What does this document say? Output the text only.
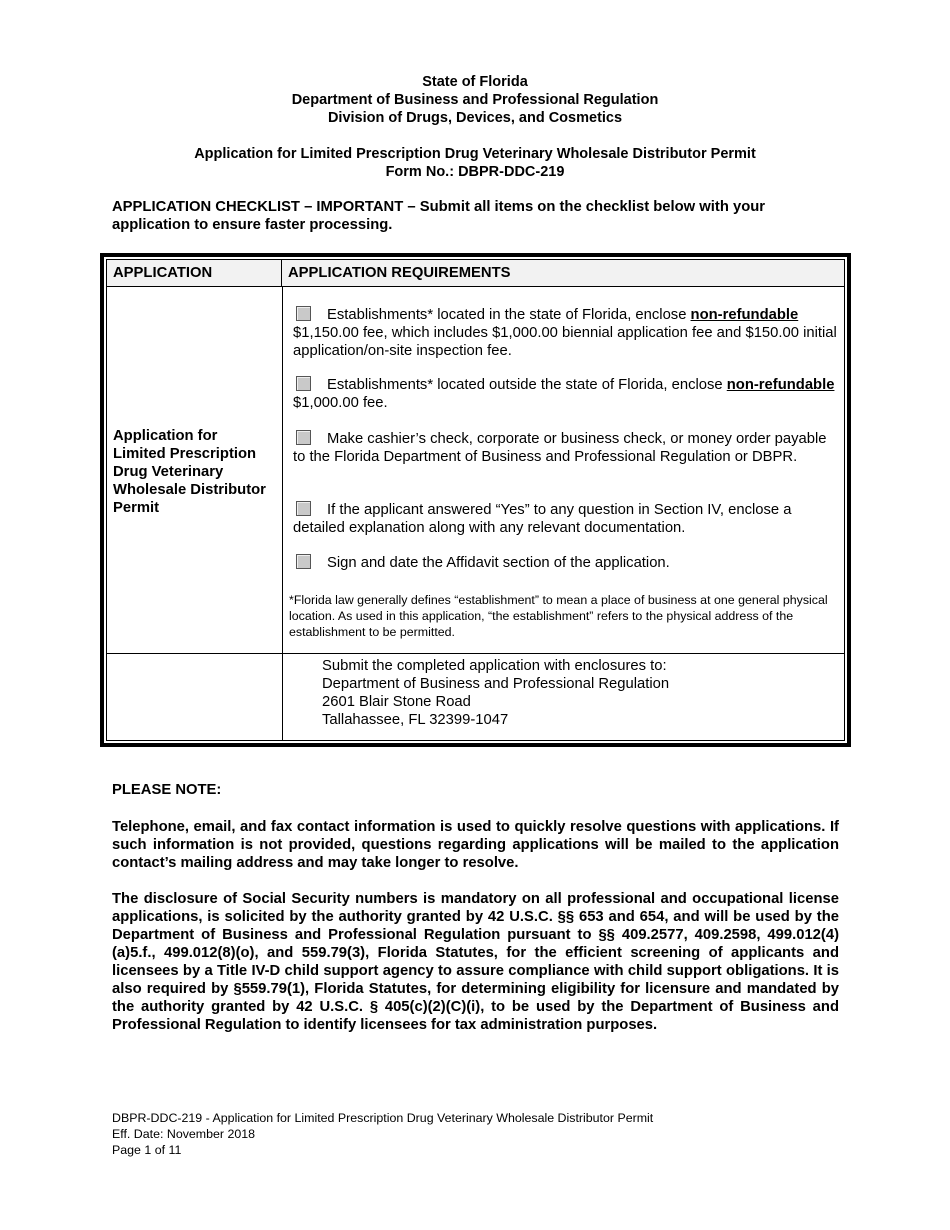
State of Florida
Department of Business and Professional Regulation
Division of Drugs, Devices, and Cosmetics
Application for Limited Prescription Drug Veterinary Wholesale Distributor Permit
Form No.: DBPR-DDC-219
APPLICATION CHECKLIST – IMPORTANT – Submit all items on the checklist below with your application to ensure faster processing.
APPLICATION	APPLICATION REQUIREMENTS
Application for Limited Prescription Drug Veterinary Wholesale Distributor Permit
Establishments* located in the state of Florida, enclose non-refundable $1,150.00 fee, which includes $1,000.00 biennial application fee and $150.00 initial application/on-site inspection fee.
Establishments* located outside the state of Florida, enclose non-refundable $1,000.00 fee.
Make cashier’s check, corporate or business check, or money order payable to the Florida Department of Business and Professional Regulation or DBPR.
If the applicant answered “Yes” to any question in Section IV, enclose a detailed explanation along with any relevant documentation.
Sign and date the Affidavit section of the application.
*Florida law generally defines “establishment” to mean a place of business at one general physical location. As used in this application, “the establishment” refers to the physical address of the establishment to be permitted.
Submit the completed application with enclosures to:
Department of Business and Professional Regulation
2601 Blair Stone Road
Tallahassee, FL 32399-1047
PLEASE NOTE:
Telephone, email, and fax contact information is used to quickly resolve questions with applications. If such information is not provided, questions regarding applications will be mailed to the application contact’s mailing address and may take longer to resolve.
The disclosure of Social Security numbers is mandatory on all professional and occupational license applications, is solicited by the authority granted by 42 U.S.C. §§ 653 and 654, and will be used by the Department of Business and Professional Regulation pursuant to §§ 409.2577, 409.2598, 499.012(4)(a)5.f., 499.012(8)(o), and 559.79(3), Florida Statutes, for the efficient screening of applicants and licensees by a Title IV-D child support agency to assure compliance with child support obligations. It is also required by §559.79(1), Florida Statutes, for determining eligibility for licensure and mandated by the authority granted by 42 U.S.C. § 405(c)(2)(C)(i), to be used by the Department of Business and Professional Regulation to identify licensees for tax administration purposes.
DBPR-DDC-219 - Application for Limited Prescription Drug Veterinary Wholesale Distributor Permit
Eff. Date: November 2018
Page 1 of 11
